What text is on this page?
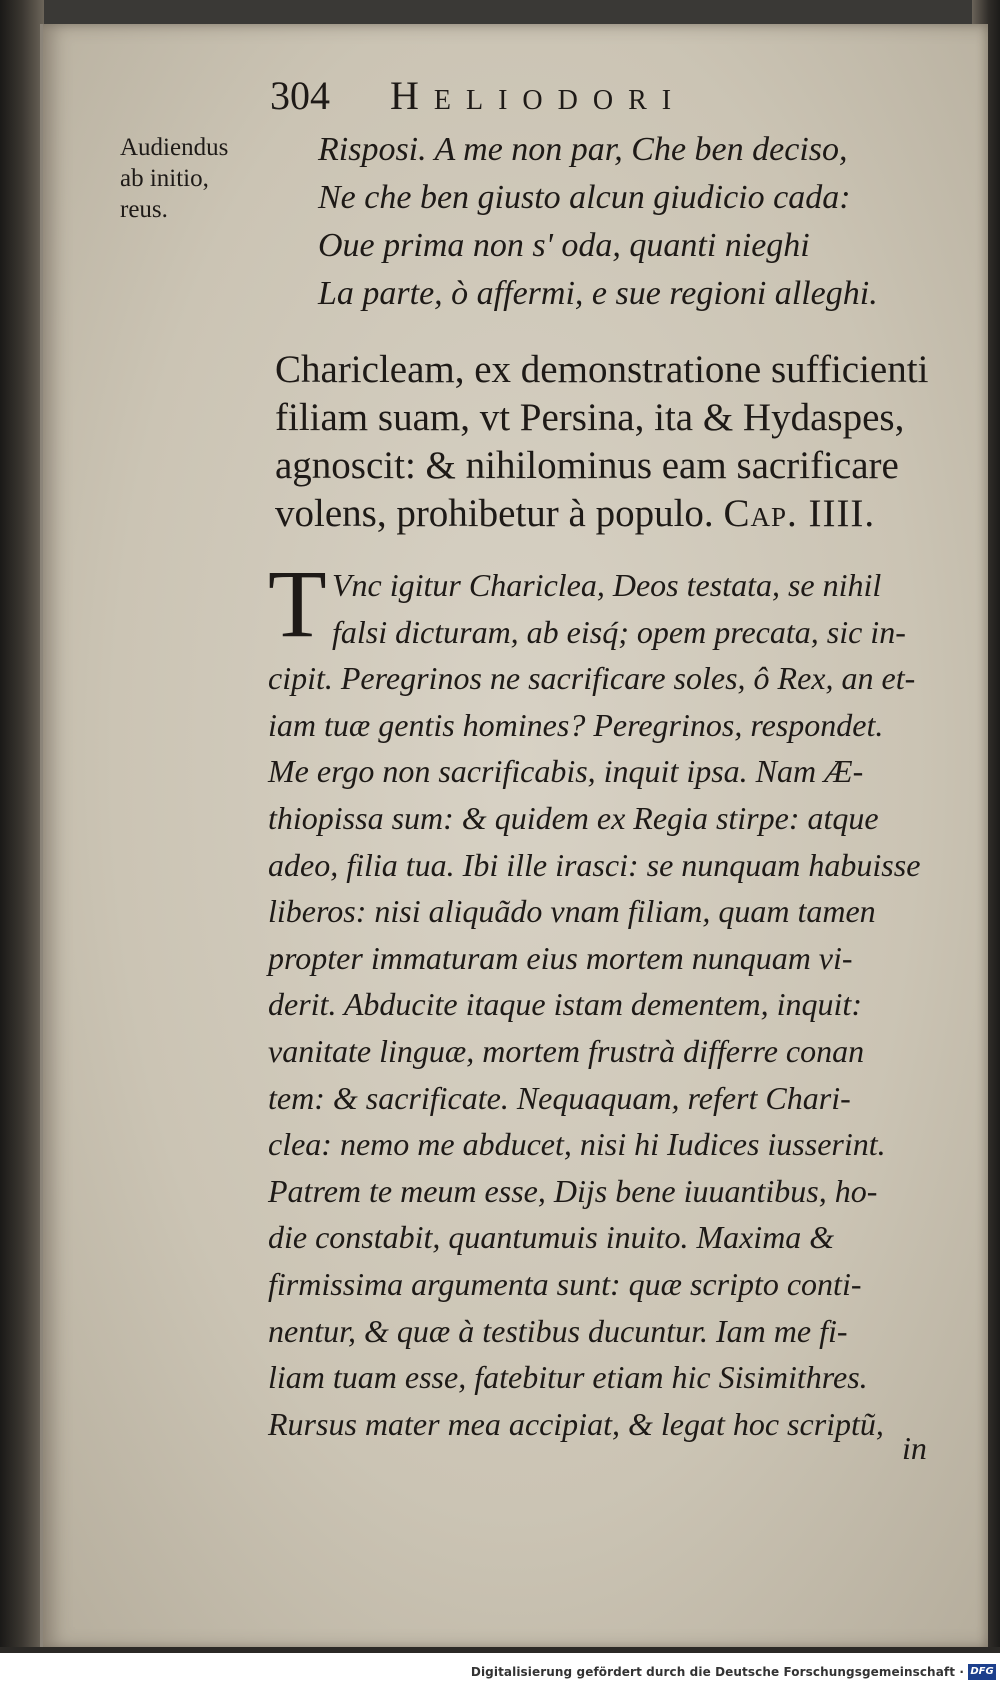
304 Heliodori
Audiendus
ab initio,
reus.
Risposi. A me non par, Che ben deciso,
Ne che ben giusto alcun giudicio cada:
Oue prima non s' oda, quanti nieghi
La parte, ò affermi, e sue regioni alleghi.
Charicleam, ex demonstratione sufficienti
filiam suam, vt Persina, ita & Hydaspes,
agnoscit: & nihilominus eam sacrificare
volens, prohibetur à populo. Cap. IIII.
T Vnc igitur Chariclea, Deos testata, se nihil
falsi dicturam, ab eisq́; opem precata, sic in-
cipit. Peregrinos ne sacrificare soles, ô Rex, an et-
iam tuæ gentis homines? Peregrinos, respondet.
Me ergo non sacrificabis, inquit ipsa. Nam Æ-
thiopissa sum: & quidem ex Regia stirpe: atque
adeo, filia tua. Ibi ille irasci: se nunquam habuisse
liberos: nisi aliquãdo vnam filiam, quam tamen
propter immaturam eius mortem nunquam vi-
derit. Abducite itaque istam dementem, inquit:
vanitate linguæ, mortem frustrà differre conan
tem: & sacrificate. Nequaquam, refert Chari-
clea: nemo me abducet, nisi hi Iudices iusserint.
Patrem te meum esse, Dijs bene iuuantibus, ho-
die constabit, quantumuis inuito. Maxima &
firmissima argumenta sunt: quæ scripto conti-
nentur, & quæ à testibus ducuntur. Iam me fi-
liam tuam esse, fatebitur etiam hic Sisimithres.
Rursus mater mea accipiat, & legat hoc scriptũ,
in
Digitalisierung gefördert durch die Deutsche Forschungsgemeinschaft · DFG
